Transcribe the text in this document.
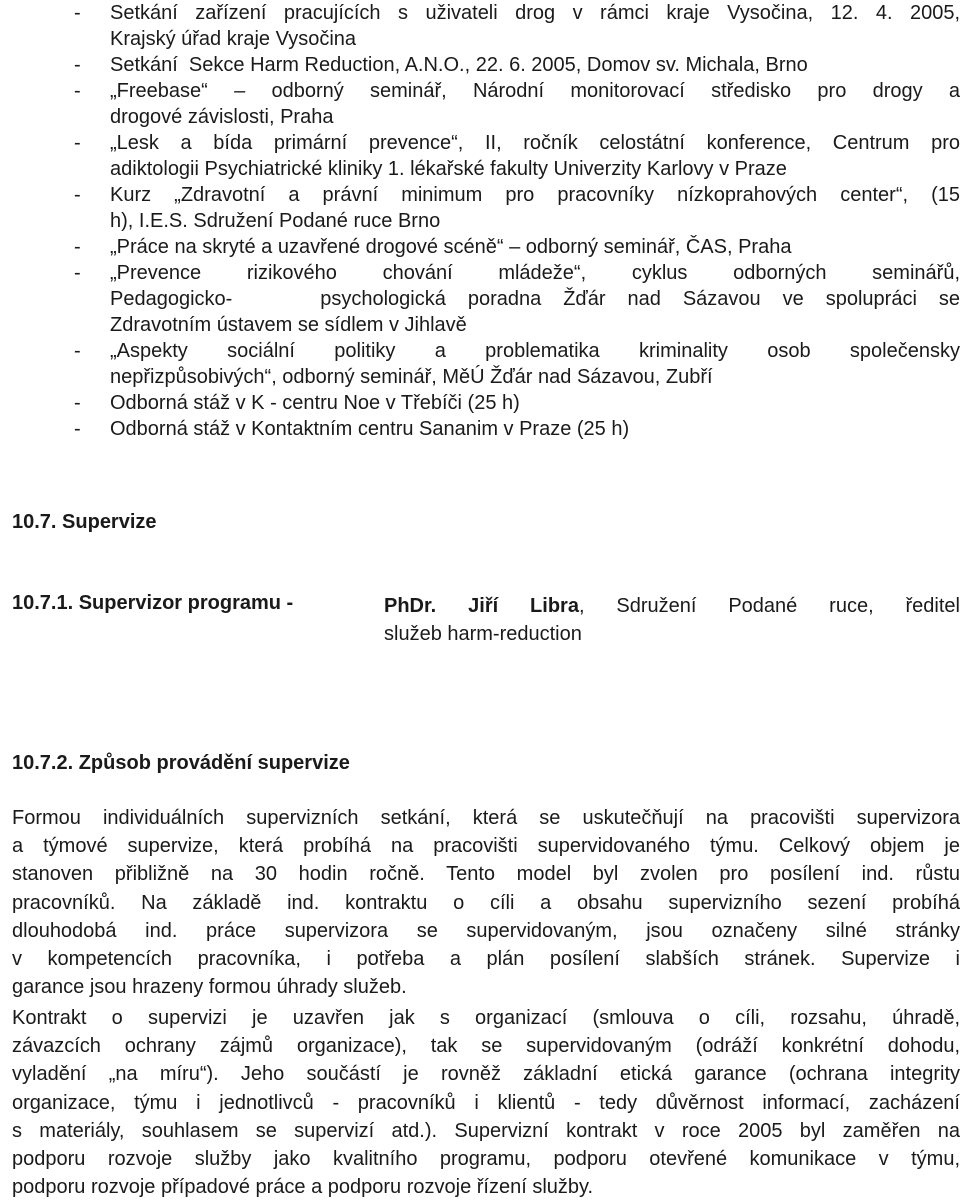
- Setkání zařízení pracujících s uživateli drog v rámci kraje Vysočina, 12. 4. 2005,
Krajský úřad kraje Vysočina
- Setkání  Sekce Harm Reduction, A.N.O., 22. 6. 2005, Domov sv. Michala, Brno
- „Freebase“  –  odborný  seminář,  Národní  monitorovací  středisko  pro  drogy  a
drogové závislosti, Praha
- „Lesk a bída primární prevence“, II, ročník celostátní konference, Centrum pro
adiktologii Psychiatrické kliniky 1. lékařské fakulty Univerzity Karlovy v Praze
- Kurz  „Zdravotní  a  právní  minimum  pro  pracovníky  nízkoprahových  center“,  (15
h), I.E.S. Sdružení Podané ruce Brno
- „Práce na skryté a uzavřené drogové scéně“ – odborný seminář, ČAS, Praha
- „Prevence  rizikového  chování  mládeže“,  cyklus  odborných  seminářů,
Pedagogicko-        psychologická  poradna  Žďár  nad  Sázavou  ve  spolupráci  se
Zdravotním ústavem se sídlem v Jihlavě
- „Aspekty  sociální  politiky  a  problematika  kriminality  osob  společensky
nepřizpůsobivých“, odborný seminář, MěÚ Žďár nad Sázavou, Zubří
- Odborná stáž v K - centru Noe v Třebíči (25 h)
- Odborná stáž v Kontaktním centru Sananim v Praze (25 h)
10.7. Supervize
10.7.1. Supervizor programu -	PhDr. Jiří Libra, Sdružení Podané ruce, ředitel
služeb harm-reduction
10.7.2. Způsob provádění supervize
Formou individuálních supervizních setkání, která se uskutečňují na pracovišti supervizora
a týmové supervize, která probíhá na pracovišti supervidovaného týmu. Celkový objem je
stanoven přibližně na 30 hodin ročně. Tento model byl zvolen pro posílení ind. růstu
pracovníků. Na základě ind. kontraktu o cíli a obsahu supervizního sezení probíhá
dlouhodobá ind. práce supervizora se supervidovaným, jsou označeny silné stránky
v kompetencích pracovníka, i potřeba a plán posílení slabších stránek. Supervize i
garance jsou hrazeny formou úhrady služeb.
Kontrakt o supervizi je uzavřen jak s organizací (smlouva o cíli, rozsahu, úhradě,
závazcích ochrany zájmů organizace), tak se supervidovaným (odráží konkrétní dohodu,
vyladění „na míru“). Jeho součástí je rovněž základní etická garance (ochrana integrity
organizace, týmu i jednotlivců - pracovníků i klientů - tedy důvěrnost informací, zacházení
s materiály, souhlasem se supervizí atd.). Supervizní kontrakt v roce 2005 byl zaměřen na
podporu rozvoje služby jako kvalitního programu, podporu otevřené komunikace v týmu,
podporu rozvoje případové práce a podporu rozvoje řízení služby.
